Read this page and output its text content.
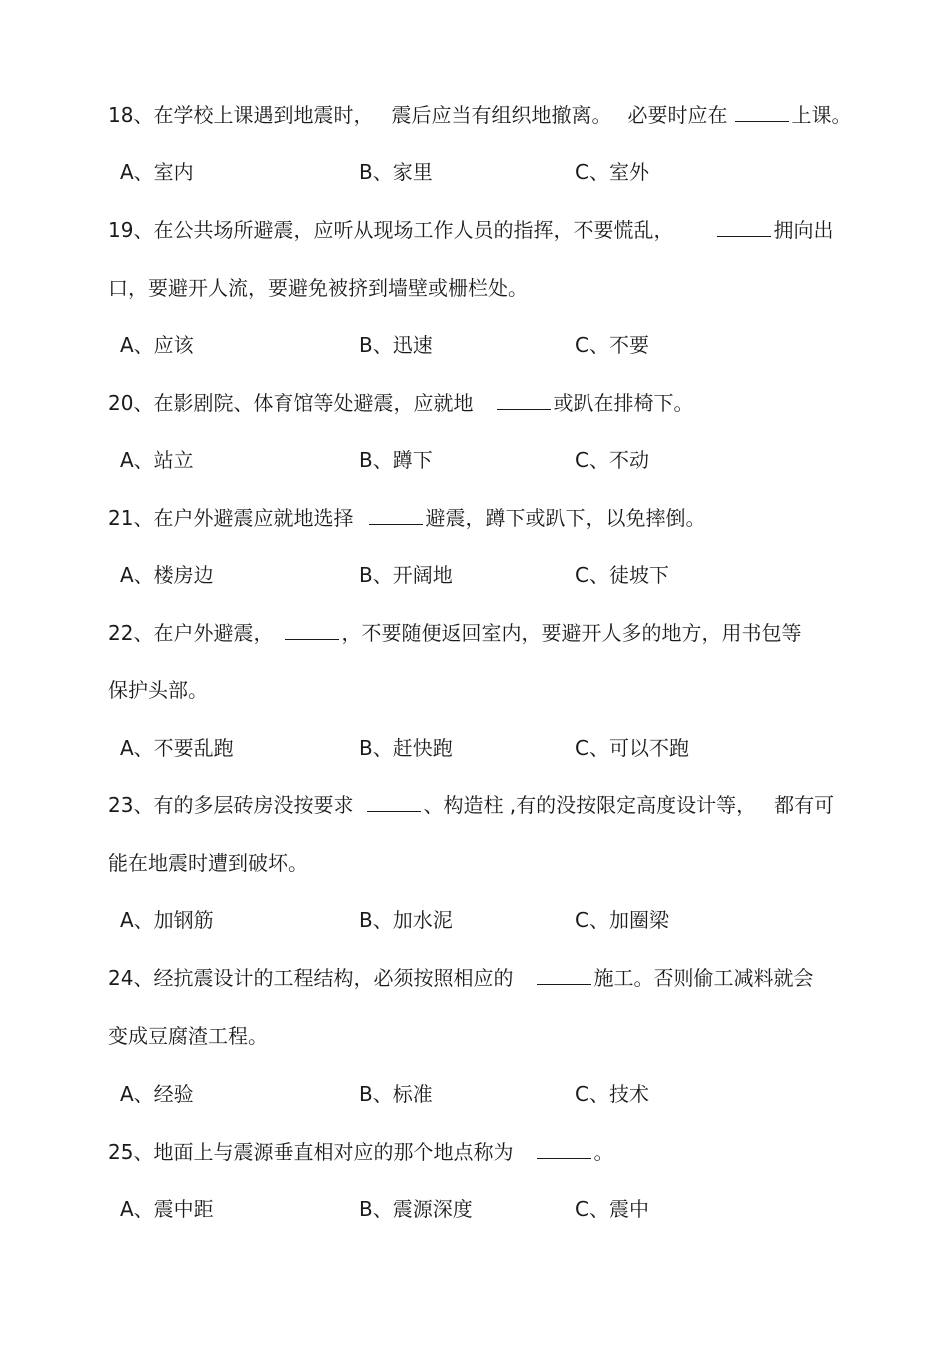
18、在学校上课遇到地震时， 震后应当有组织地撤离。 必要时应在	上课。
A、室内	B、家里	C、室外
19、在公共场所避震，应听从现场工作人员的指挥，不要慌乱，	拥向出
口，要避开人流，要避免被挤到墙壁或栅栏处。
A、应该	B、迅速	C、不要
20、在影剧院、体育馆等处避震，应就地	或趴在排椅下。
A、站立	B、蹲下	C、不动
21、在户外避震应就地选择	避震，蹲下或趴下，以免摔倒。
A、楼房边	B、开阔地	C、徒坡下
22、在户外避震，	，不要随便返回室内，要避开人多的地方，用书包等
保护头部。
A、不要乱跑	B、赶快跑	C、可以不跑
23、有的多层砖房没按要求	、构造柱 ,有的没按限定高度设计等， 都有可
能在地震时遭到破坏。
A、加钢筋	B、加水泥	C、加圈梁
24、经抗震设计的工程结构，必须按照相应的	施工。否则偷工减料就会
变成豆腐渣工程。
A、经验	B、标准	C、技术
25、地面上与震源垂直相对应的那个地点称为	。
A、震中距	B、震源深度	C、震中
